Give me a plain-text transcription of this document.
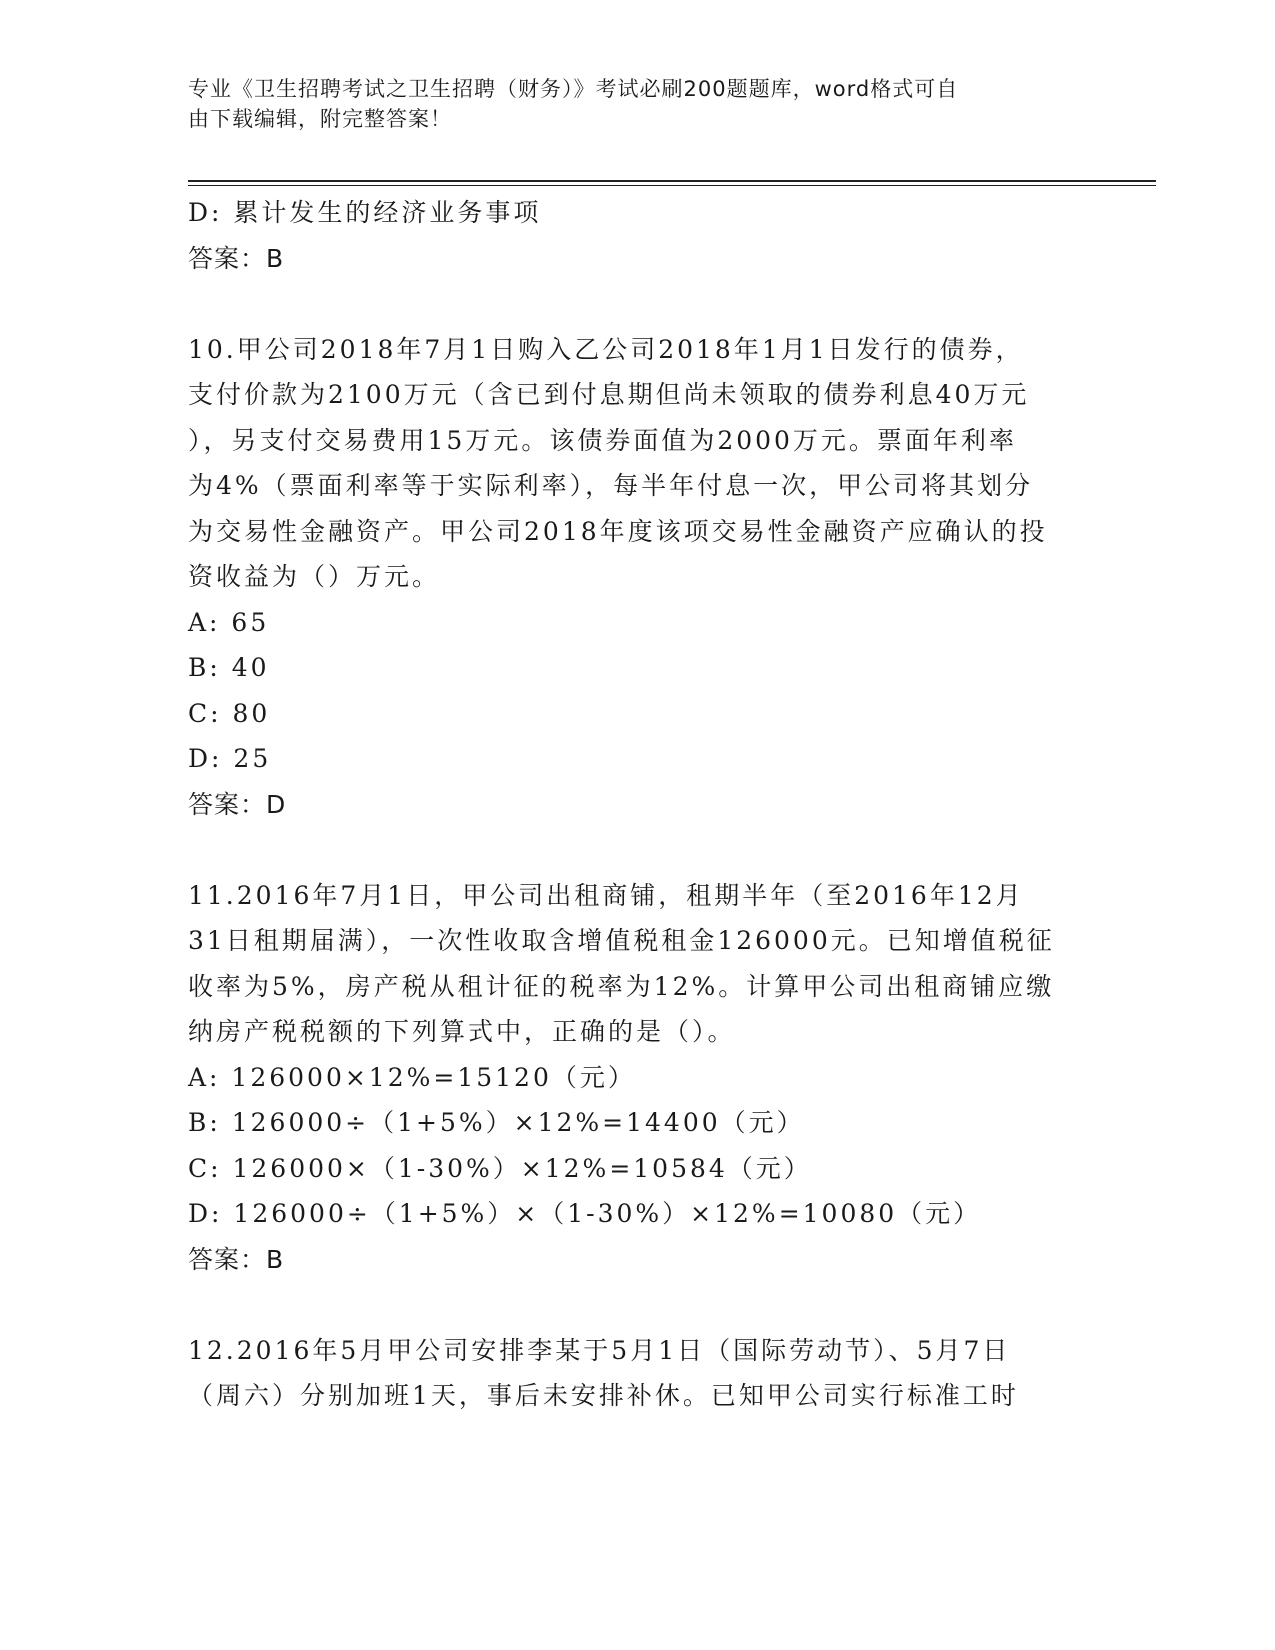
专业《卫生招聘考试之卫生招聘（财务）》考试必刷200题题库，word格式可自
由下载编辑，附完整答案！
D: 累计发生的经济业务事项
答案：B
10.甲公司2018年7月1日购入乙公司2018年1月1日发行的债券，
支付价款为2100万元（含已到付息期但尚未领取的债券利息40万元
），另支付交易费用15万元。该债券面值为2000万元。票面年利率
为4%（票面利率等于实际利率），每半年付息一次，甲公司将其划分
为交易性金融资产。甲公司2018年度该项交易性金融资产应确认的投
资收益为（）万元。
A: 65
B: 40
C: 80
D: 25
答案：D
11.2016年7月1日，甲公司出租商铺，租期半年（至2016年12月
31日租期届满），一次性收取含增值税租金126000元。已知增值税征
收率为5%，房产税从租计征的税率为12%。计算甲公司出租商铺应缴
纳房产税税额的下列算式中，正确的是（）。
A: 126000×12%=15120（元）
B: 126000÷（1+5%）×12%=14400（元）
C: 126000×（1-30%）×12%=10584（元）
D: 126000÷（1+5%）×（1-30%）×12%=10080（元）
答案：B
12.2016年5月甲公司安排李某于5月1日（国际劳动节）、5月7日
（周六）分别加班1天，事后未安排补休。已知甲公司实行标准工时
